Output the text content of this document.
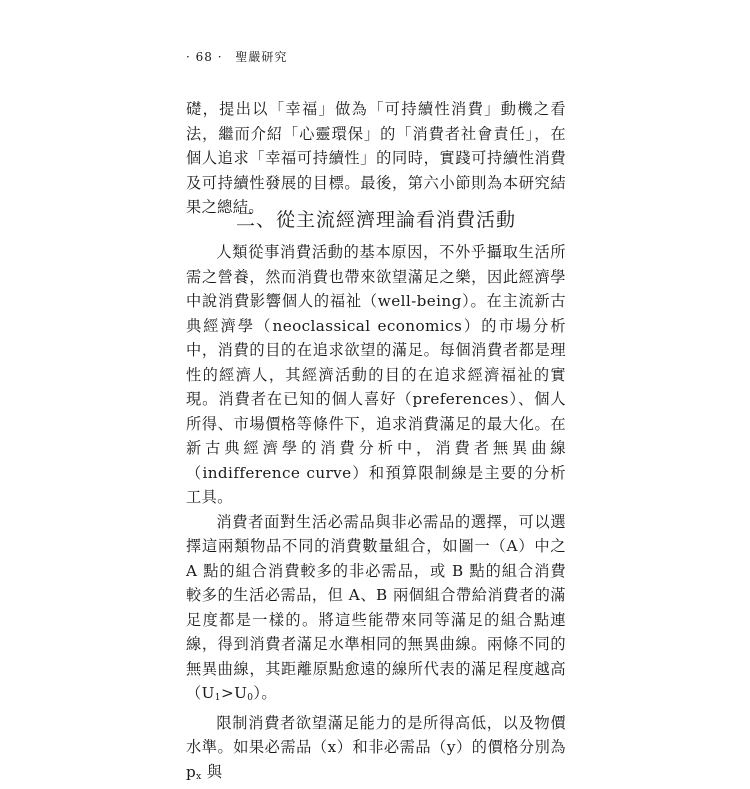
· 68 · 聖嚴研究

礎，提出以「幸福」做為「可持續性消費」動機之看法，繼而介紹「心靈環保」的「消費者社會責任」，在個人追求「幸福可持續性」的同時，實踐可持續性消費及可持續性發展的目標。最後，第六小節則為本研究結果之總結。

二、從主流經濟理論看消費活動

人類從事消費活動的基本原因，不外乎攝取生活所需之營養，然而消費也帶來欲望滿足之樂，因此經濟學中說消費影響個人的福祉（well-being）。在主流新古典經濟學（neoclassical economics）的市場分析中，消費的目的在追求欲望的滿足。每個消費者都是理性的經濟人，其經濟活動的目的在追求經濟福祉的實現。消費者在已知的個人喜好（preferences）、個人所得、市場價格等條件下，追求消費滿足的最大化。在新古典經濟學的消費分析中，消費者無異曲線（indifference curve）和預算限制線是主要的分析工具。

消費者面對生活必需品與非必需品的選擇，可以選擇這兩類物品不同的消費數量組合，如圖一（A）中之 A 點的組合消費較多的非必需品，或 B 點的組合消費較多的生活必需品，但 A、B 兩個組合帶給消費者的滿足度都是一樣的。將這些能帶來同等滿足的組合點連線，得到消費者滿足水準相同的無異曲線。兩條不同的無異曲線，其距離原點愈遠的線所代表的滿足程度越高$(U_1>U_0)$。

限制消費者欲望滿足能力的是所得高低，以及物價水準。如果必需品（x）和非必需品（y）的價格分別為 $p_x$ 與
